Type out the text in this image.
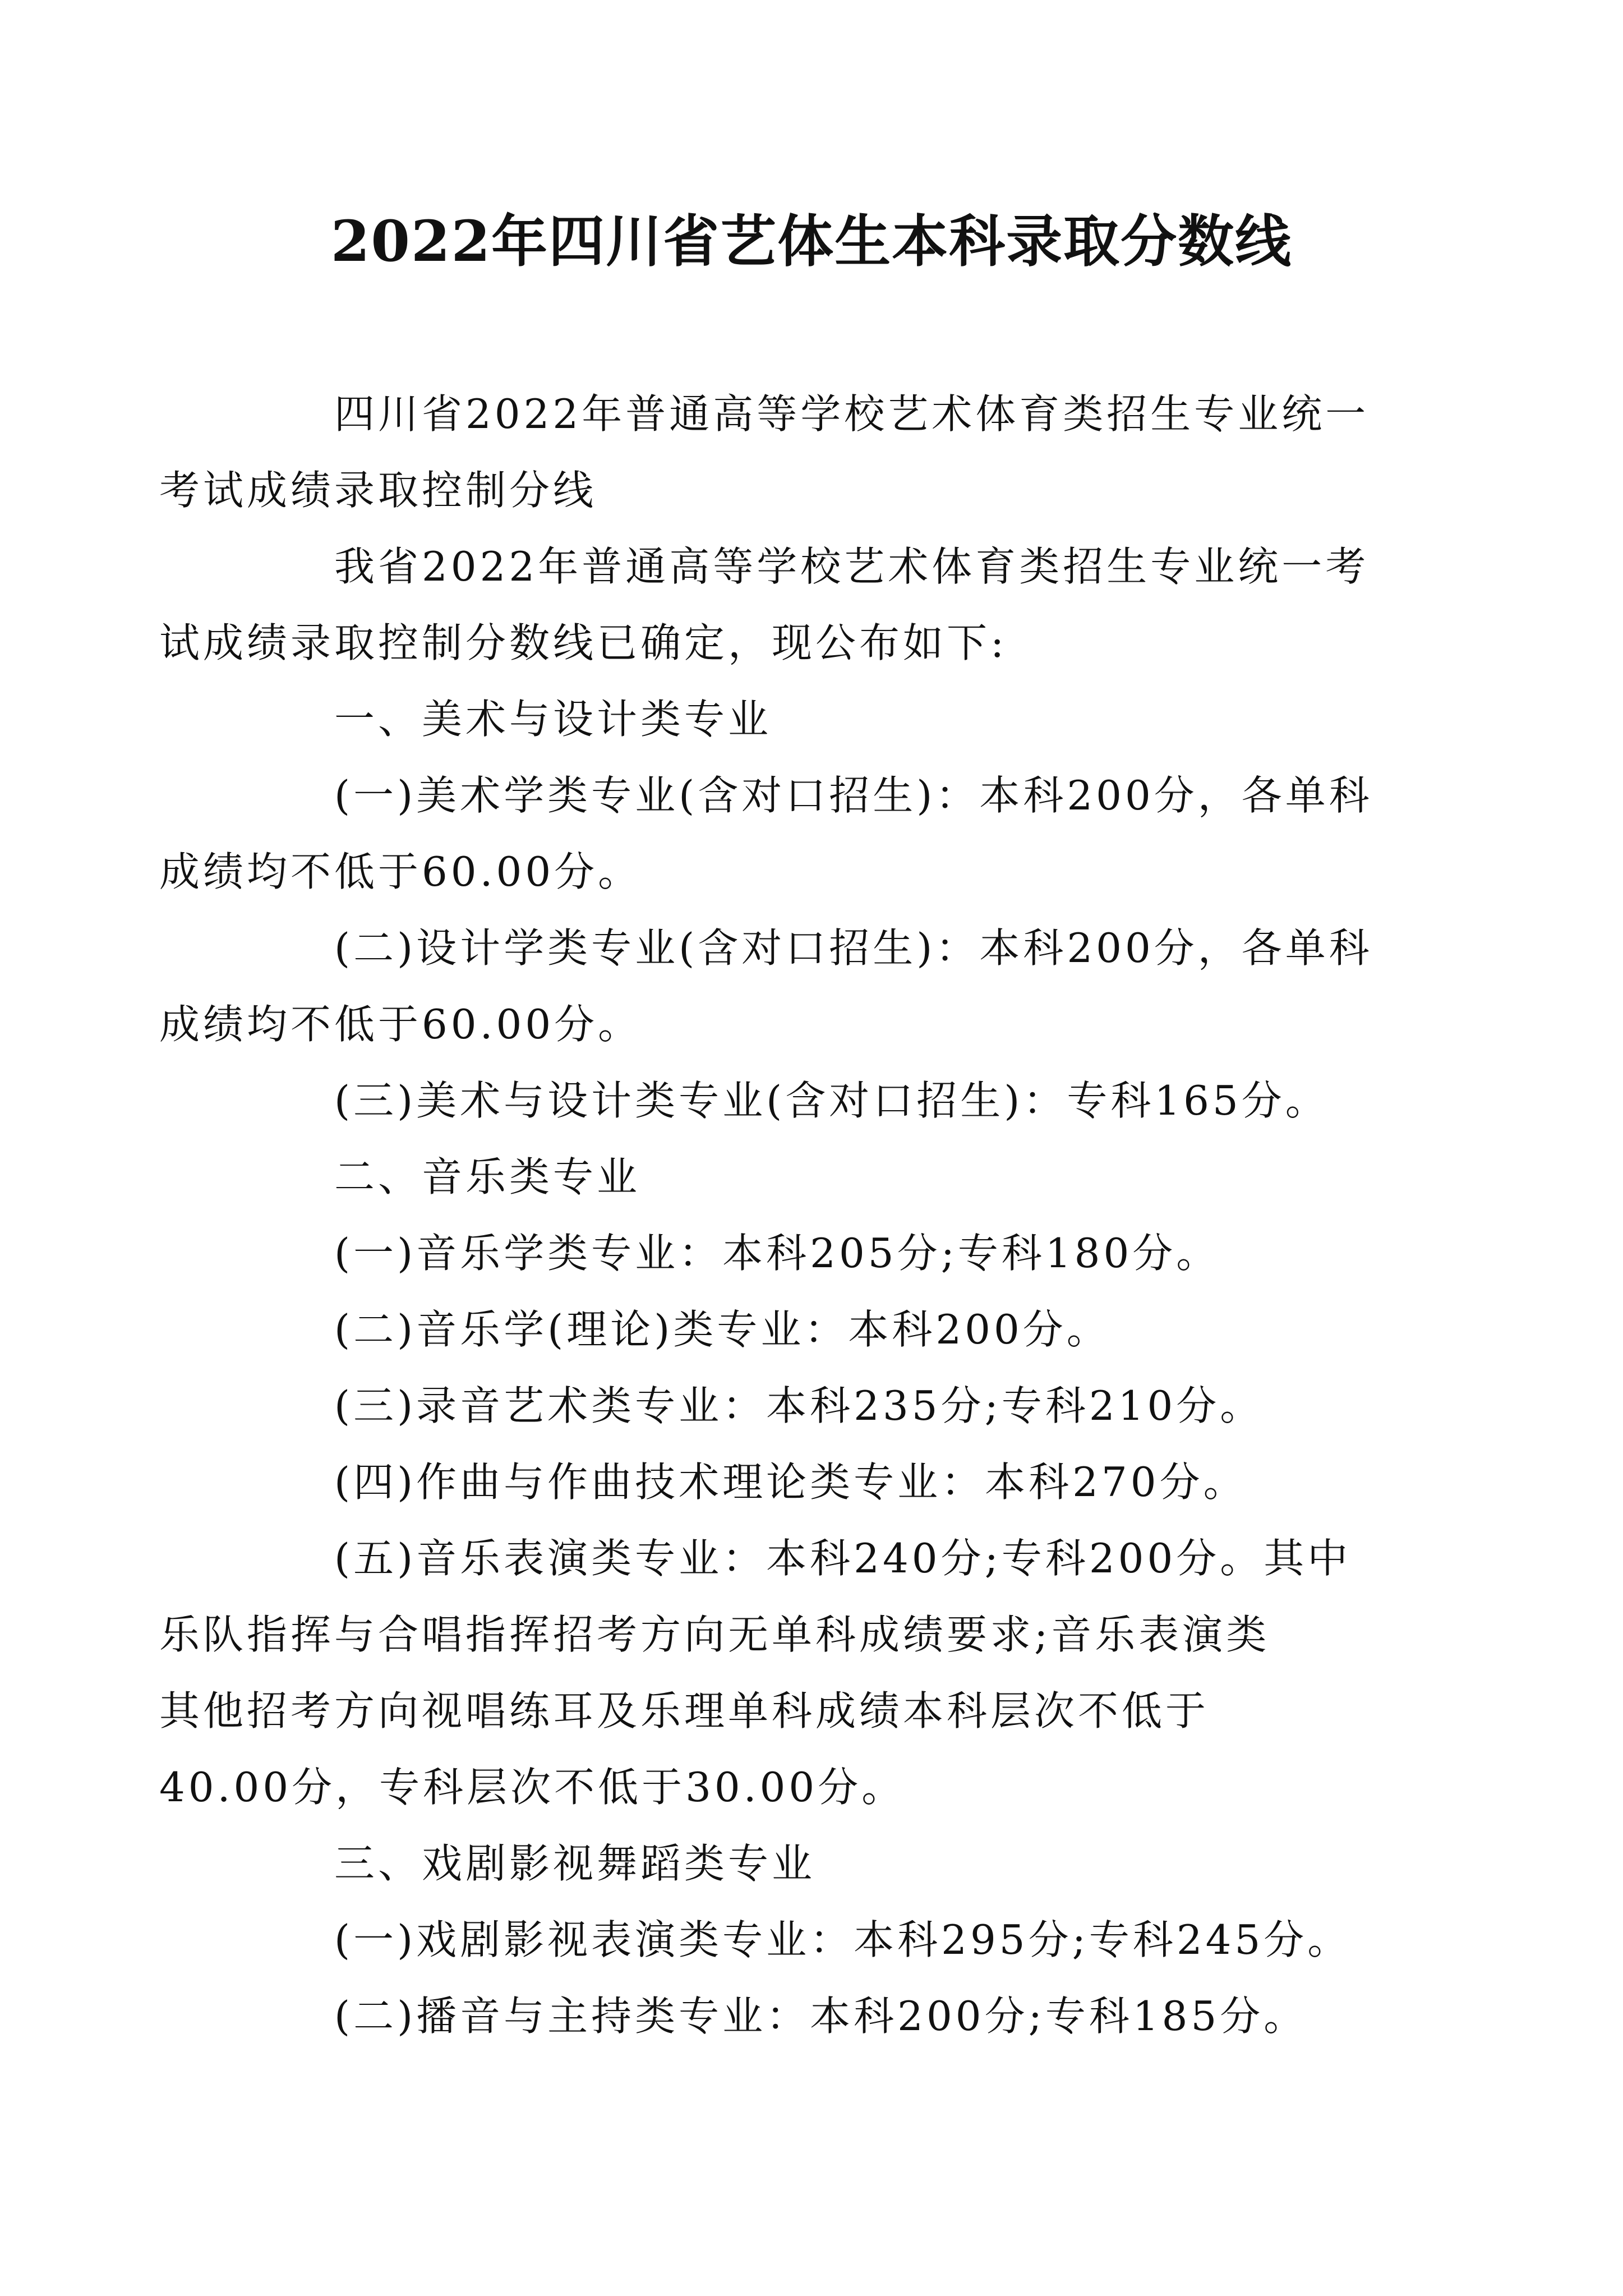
2022年四川省艺体生本科录取分数线

四川省2022年普通高等学校艺术体育类招生专业统一
考试成绩录取控制分线

我省2022年普通高等学校艺术体育类招生专业统一考
试成绩录取控制分数线已确定，现公布如下:

一、美术与设计类专业

(一)美术学类专业(含对口招生)：本科200分，各单科
成绩均不低于60.00分。

(二)设计学类专业(含对口招生)：本科200分，各单科
成绩均不低于60.00分。

(三)美术与设计类专业(含对口招生)：专科165分。

二、音乐类专业

(一)音乐学类专业：本科205分;专科180分。

(二)音乐学(理论)类专业：本科200分。

(三)录音艺术类专业：本科235分;专科210分。

(四)作曲与作曲技术理论类专业：本科270分。

(五)音乐表演类专业：本科240分;专科200分。其中
乐队指挥与合唱指挥招考方向无单科成绩要求;音乐表演类
其他招考方向视唱练耳及乐理单科成绩本科层次不低于
40.00分，专科层次不低于30.00分。

三、戏剧影视舞蹈类专业

(一)戏剧影视表演类专业：本科295分;专科245分。

(二)播音与主持类专业：本科200分;专科185分。
